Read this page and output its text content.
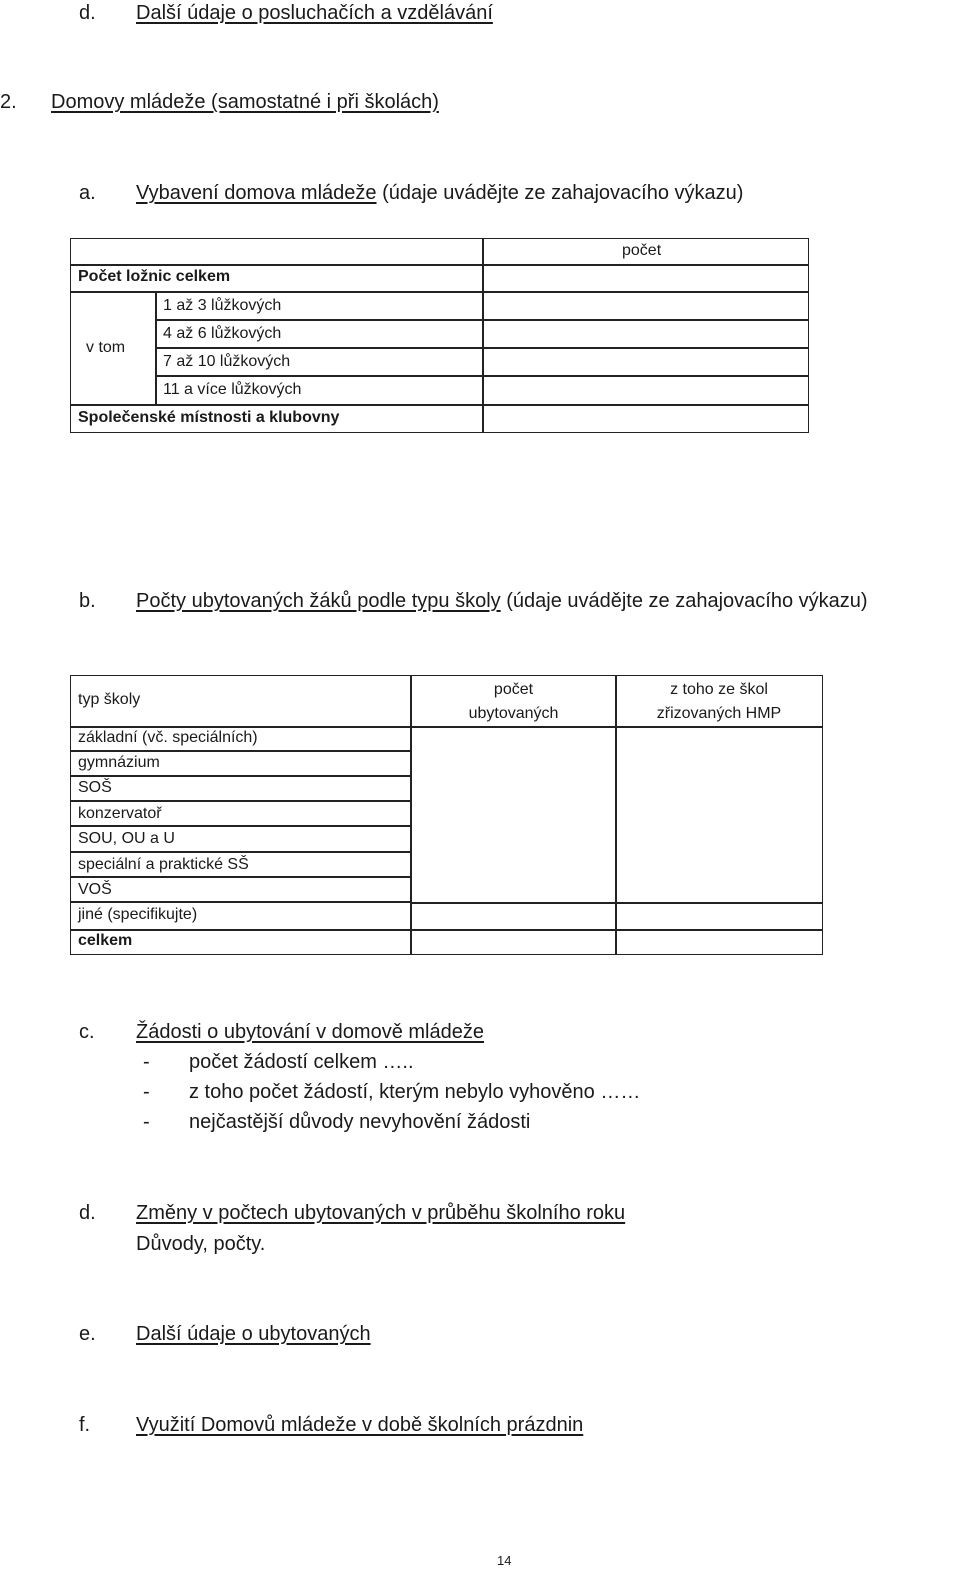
d. Další údaje o posluchačích a vzdělávání
2. Domovy mládeže (samostatné i při školách)
a. Vybavení domova mládeže (údaje uvádějte ze zahajovacího výkazu)
počet
Počet ložnic celkem
v tom
1 až 3 lůžkových
4 až 6 lůžkových
7 až 10 lůžkových
11 a více lůžkových
Společenské místnosti a klubovny
b. Počty ubytovaných žáků podle typu školy (údaje uvádějte ze zahajovacího výkazu)
typ školy
počet
ubytovaných
z toho ze škol
zřizovaných HMP
základní (vč. speciálních)
gymnázium
SOŠ
konzervatoř
SOU, OU a U
speciální a praktické SŠ
VOŠ
jiné (specifikujte)
celkem
c. Žádosti o ubytování v domově mládeže
- počet žádostí celkem …..
- z toho počet žádostí, kterým nebylo vyhověno ……
- nejčastější důvody nevyhovění žádosti
d. Změny v počtech ubytovaných v průběhu školního roku
Důvody, počty.
e. Další údaje o ubytovaných
f. Využití Domovů mládeže v době školních prázdnin
14
